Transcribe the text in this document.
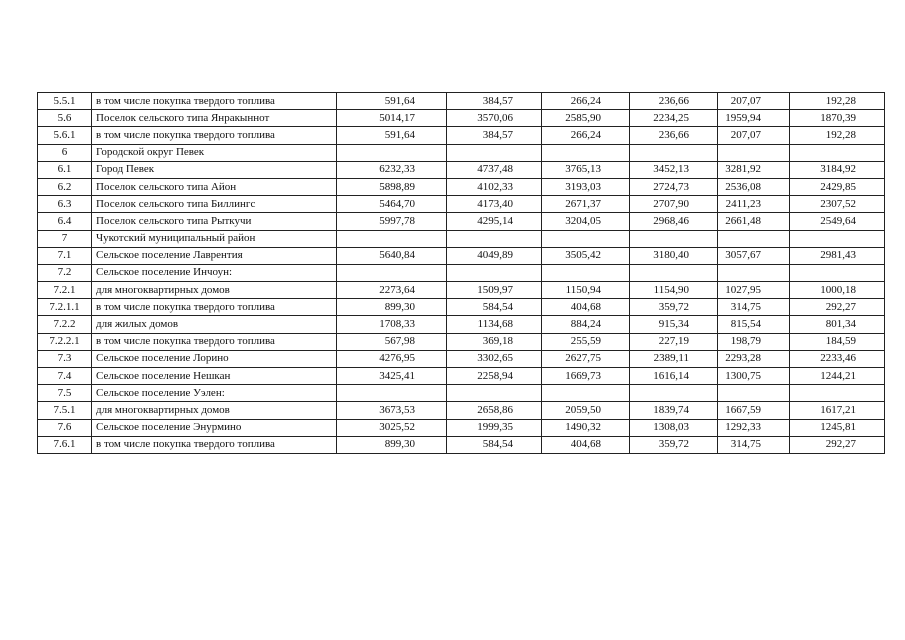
5.5.1	в том числе покупка твердого топлива	591,64	384,57	266,24	236,66	207,07	192,28
5.6	Поселок сельского типа Янракыннот	5014,17	3570,06	2585,90	2234,25	1959,94	1870,39
5.6.1	в том числе покупка твердого топлива	591,64	384,57	266,24	236,66	207,07	192,28
6	Городской округ Певек						
6.1	Город Певек	6232,33	4737,48	3765,13	3452,13	3281,92	3184,92
6.2	Поселок сельского типа Айон	5898,89	4102,33	3193,03	2724,73	2536,08	2429,85
6.3	Поселок сельского типа Биллингс	5464,70	4173,40	2671,37	2707,90	2411,23	2307,52
6.4	Поселок сельского типа Рыткучи	5997,78	4295,14	3204,05	2968,46	2661,48	2549,64
7	Чукотский муниципальный район						
7.1	Сельское поселение Лаврентия	5640,84	4049,89	3505,42	3180,40	3057,67	2981,43
7.2	Сельское поселение Инчоун:						
7.2.1	для многоквартирных домов	2273,64	1509,97	1150,94	1154,90	1027,95	1000,18
7.2.1.1	в том числе покупка твердого топлива	899,30	584,54	404,68	359,72	314,75	292,27
7.2.2	для жилых домов	1708,33	1134,68	884,24	915,34	815,54	801,34
7.2.2.1	в том числе покупка твердого топлива	567,98	369,18	255,59	227,19	198,79	184,59
7.3	Сельское поселение Лорино	4276,95	3302,65	2627,75	2389,11	2293,28	2233,46
7.4	Сельское поселение Нешкан	3425,41	2258,94	1669,73	1616,14	1300,75	1244,21
7.5	Сельское поселение Уэлен:						
7.5.1	для многоквартирных домов	3673,53	2658,86	2059,50	1839,74	1667,59	1617,21
7.6	Сельское поселение Энурмино	3025,52	1999,35	1490,32	1308,03	1292,33	1245,81
7.6.1	в том числе покупка твердого топлива	899,30	584,54	404,68	359,72	314,75	292,27
